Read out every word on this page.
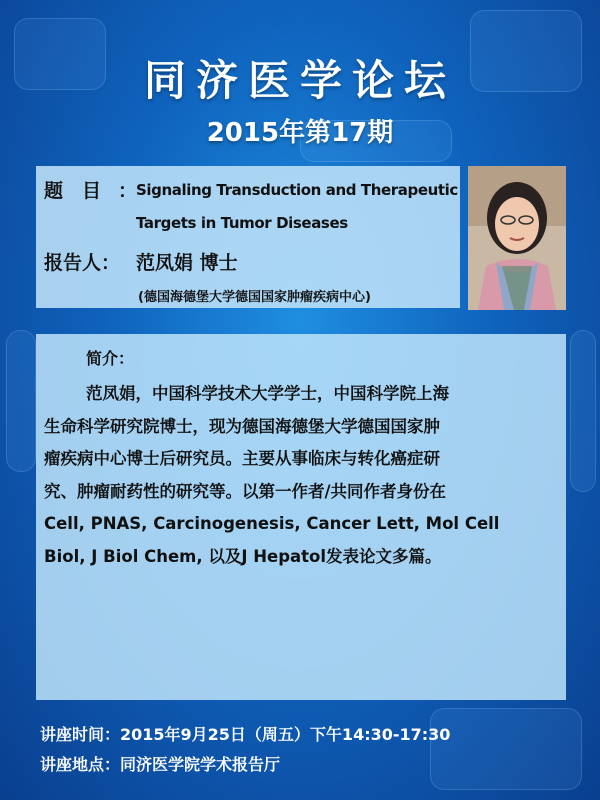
同济医学论坛
2015年第17期
题　目 ：
Signaling Transduction and Therapeutic
Targets in Tumor Diseases
报告人： 范凤娟 博士
(德国海德堡大学德国国家肿瘤疾病中心)
简介：
范凤娟，中国科学技术大学学士，中国科学院上海
生命科学研究院博士，现为德国海德堡大学德国国家肿
瘤疾病中心博士后研究员。主要从事临床与转化癌症研
究、肿瘤耐药性的研究等。以第一作者/共同作者身份在
Cell, PNAS, Carcinogenesis, Cancer Lett, Mol Cell
Biol, J Biol Chem, 以及J Hepatol发表论文多篇。
讲座时间：2015年9月25日（周五）下午14:30-17:30
讲座地点：同济医学院学术报告厅
